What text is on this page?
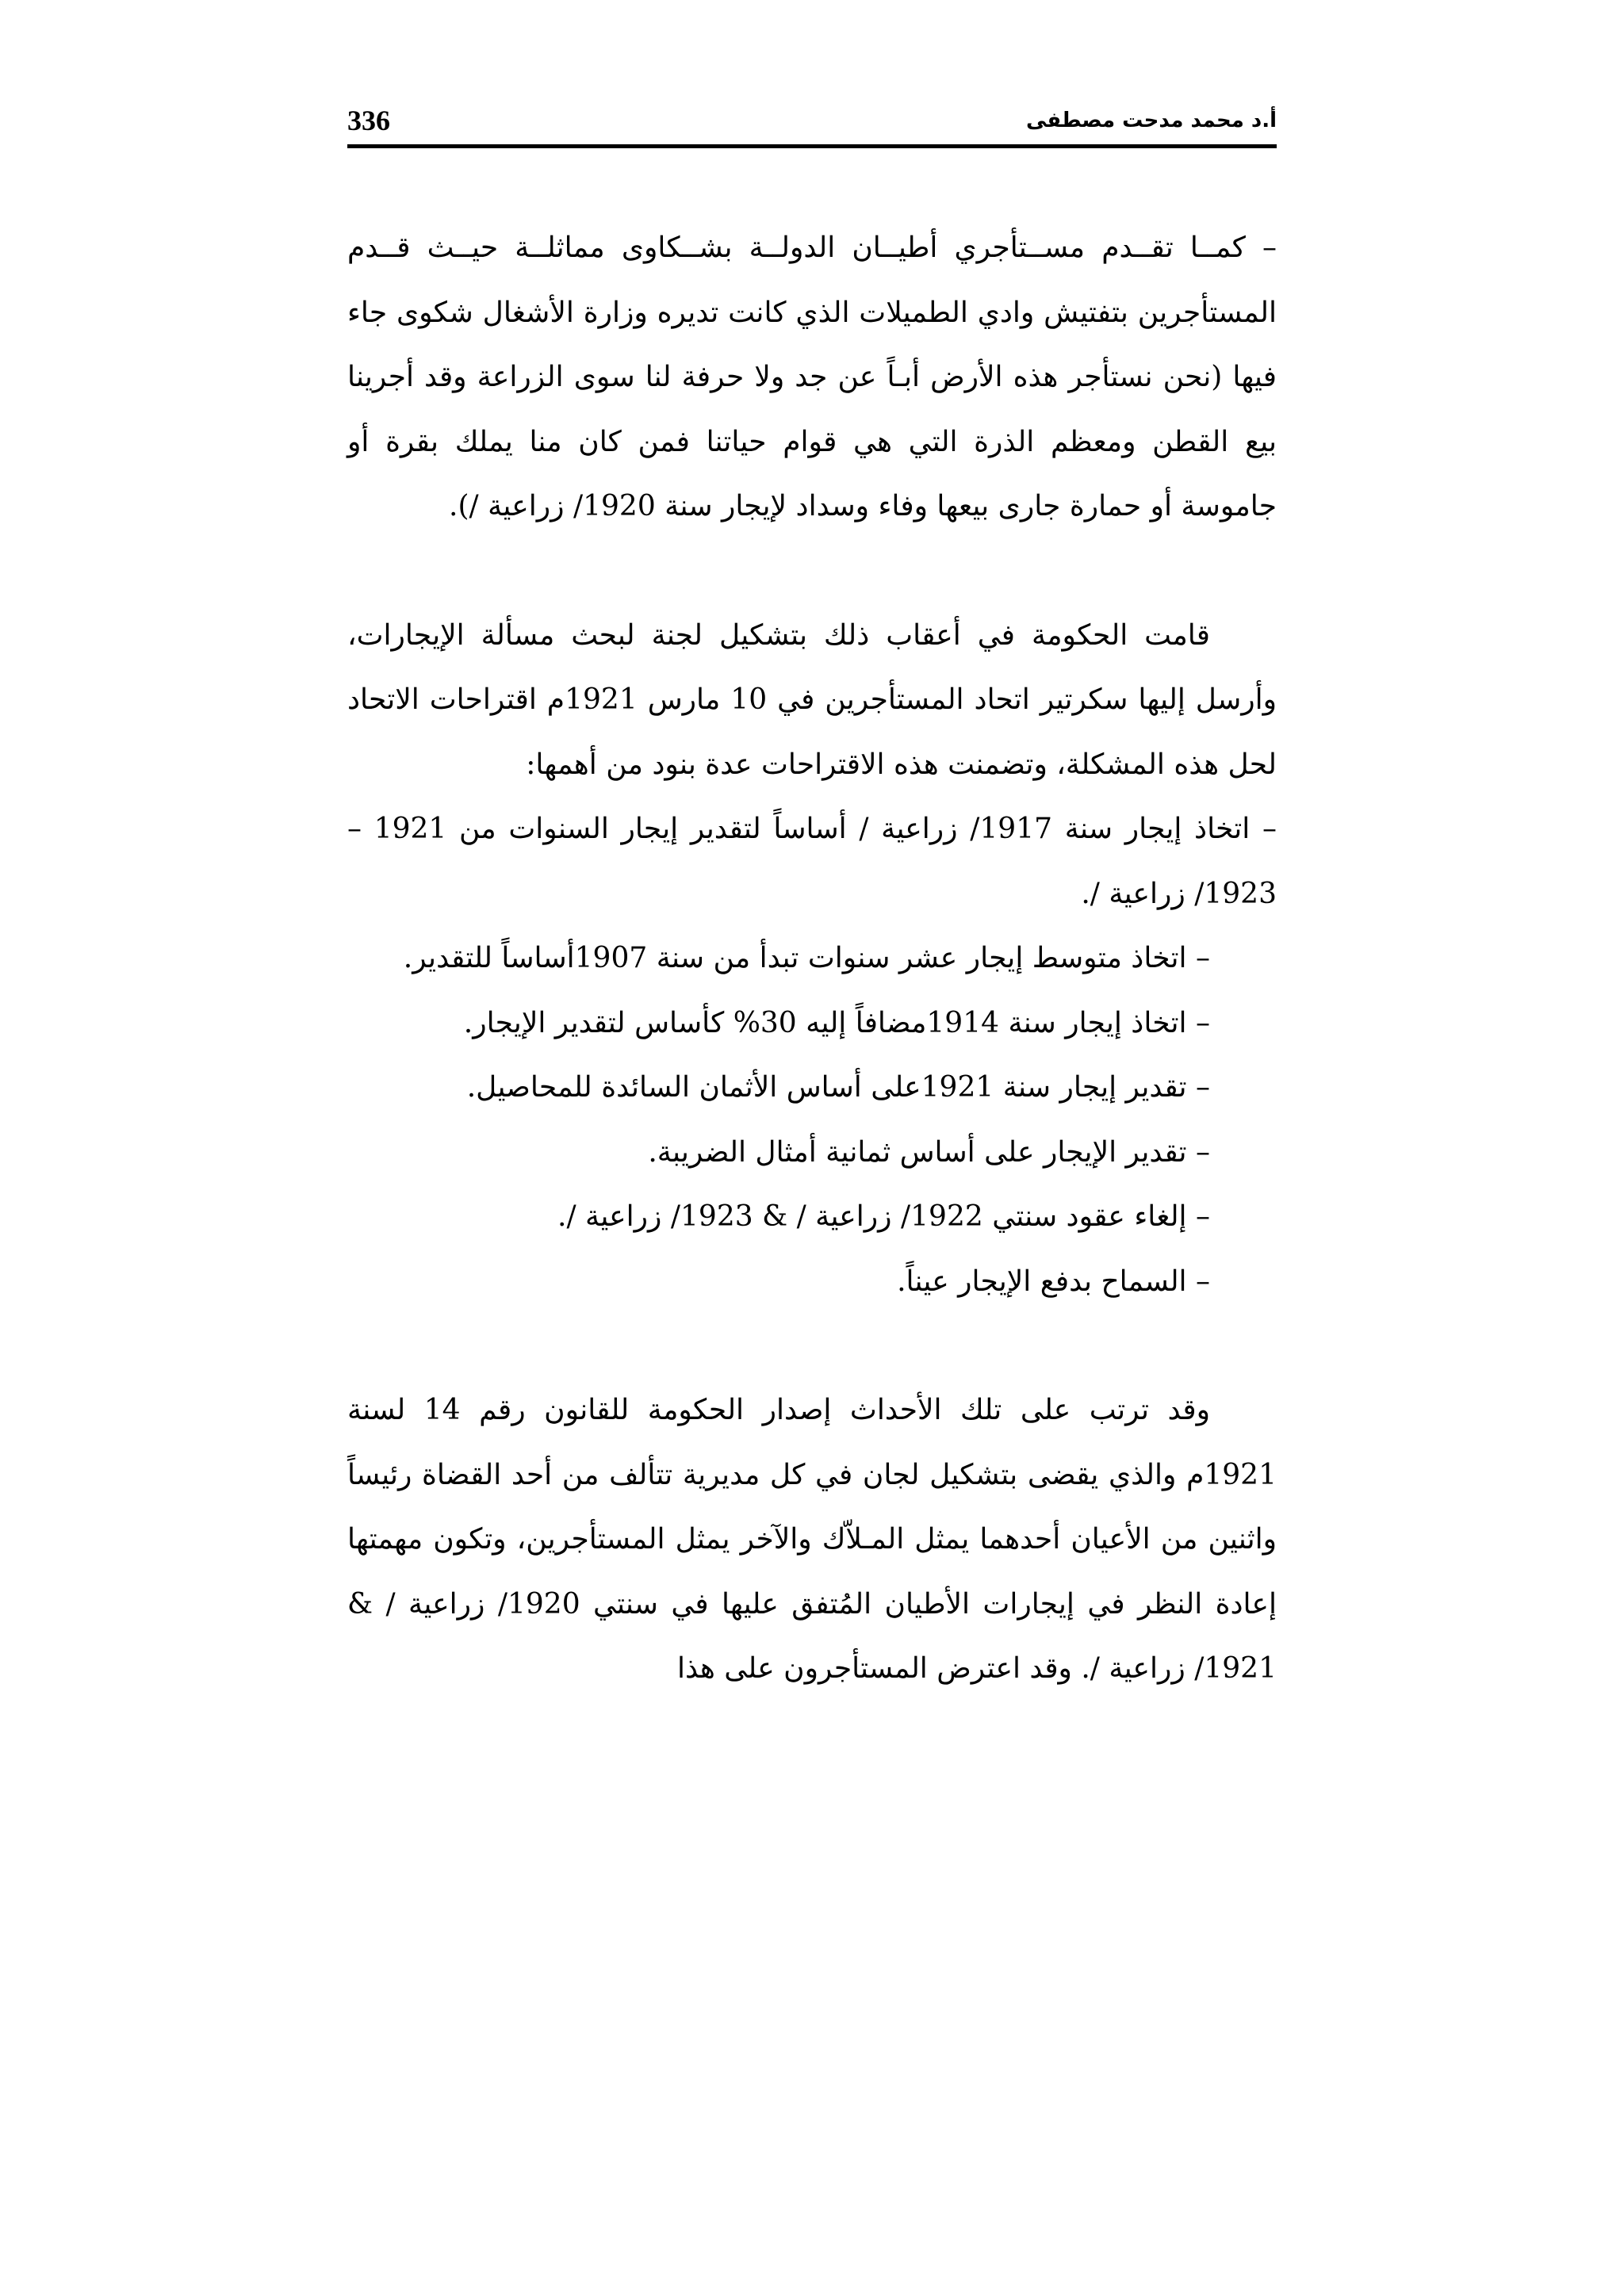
336	أ.د محمد مدحت مصطفى

– كمــا تقــدم مســتأجري أطيــان الدولــة بشــكاوى مماثلــة حيــث قــدم المستأجرين بتفتيش وادي الطميلات الذي كانت تديره وزارة الأشغال شكوى جاء فيها (نحن نستأجر هذه الأرض أبـاً عن جد ولا حرفة لنا سوى الزراعة وقد أجرينا بيع القطن ومعظم الذرة التي هي قوام حياتنا فمن كان منا يملك بقرة أو جاموسة أو حمارة جارى بيعها وفاء وسداد لإيجار سنة 1920/ زراعية /).

قامت الحكومة في أعقاب ذلك بتشكيل لجنة لبحث مسألة الإيجارات، وأرسل إليها سكرتير اتحاد المستأجرين في 10 مارس 1921م اقتراحات الاتحاد لحل هذه المشكلة، وتضمنت هذه الاقتراحات عدة بنود من أهمها:

– اتخاذ إيجار سنة 1917/ زراعية / أساساً لتقدير إيجار السنوات من 1921 – 1923/ زراعية /.

– اتخاذ متوسط إيجار عشر سنوات تبدأ من سنة 1907أساساً للتقدير.

– اتخاذ إيجار سنة 1914مضافاً إليه 30% كأساس لتقدير الإيجار.

– تقدير إيجار سنة 1921على أساس الأثمان السائدة للمحاصيل.

– تقدير الإيجار على أساس ثمانية أمثال الضريبة.

– إلغاء عقود سنتي 1922/ زراعية / & 1923/ زراعية /.

– السماح بدفع الإيجار عيناً.

وقد ترتب على تلك الأحداث إصدار الحكومة للقانون رقم 14 لسنة 1921م والذي يقضى بتشكيل لجان في كل مديرية تتألف من أحد القضاة رئيساً واثنين من الأعيان أحدهما يمثل المـلاّك والآخر يمثل المستأجرين، وتكون مهمتها إعادة النظر في إيجارات الأطيان المُتفق عليها في سنتي 1920/ زراعية / & 1921/ زراعية /. وقد اعترض المستأجرون على هذا
